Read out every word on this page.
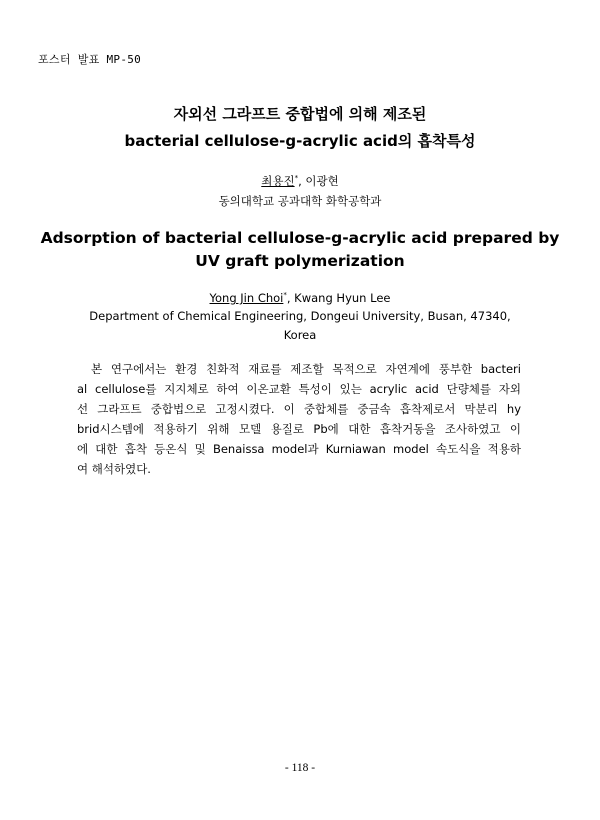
포스터 발표 MP-50
자외선 그라프트 중합법에 의해 제조된
bacterial cellulose-g-acrylic acid의 흡착특성
최용진*, 이광현
동의대학교 공과대학 화학공학과
Adsorption of bacterial cellulose-g-acrylic acid prepared by
UV graft polymerization
Yong Jin Choi*, Kwang Hyun Lee
Department of Chemical Engineering, Dongeui University, Busan, 47340,
Korea
본 연구에서는 환경 친화적 재료를 제조할 목적으로 자연계에 풍부한 bacteri
al cellulose를 지지체로 하여 이온교환 특성이 있는 acrylic acid 단량체를 자외
선 그라프트 중합법으로 고정시켰다. 이 중합체를 중금속 흡착제로서 막분리 hy
brid시스템에 적용하기 위해 모델 용질로 Pb에 대한 흡착거동을 조사하였고 이
에 대한 흡착 등온식 및 Benaissa model과 Kurniawan model 속도식을 적용하
여 해석하였다.
- 118 -
